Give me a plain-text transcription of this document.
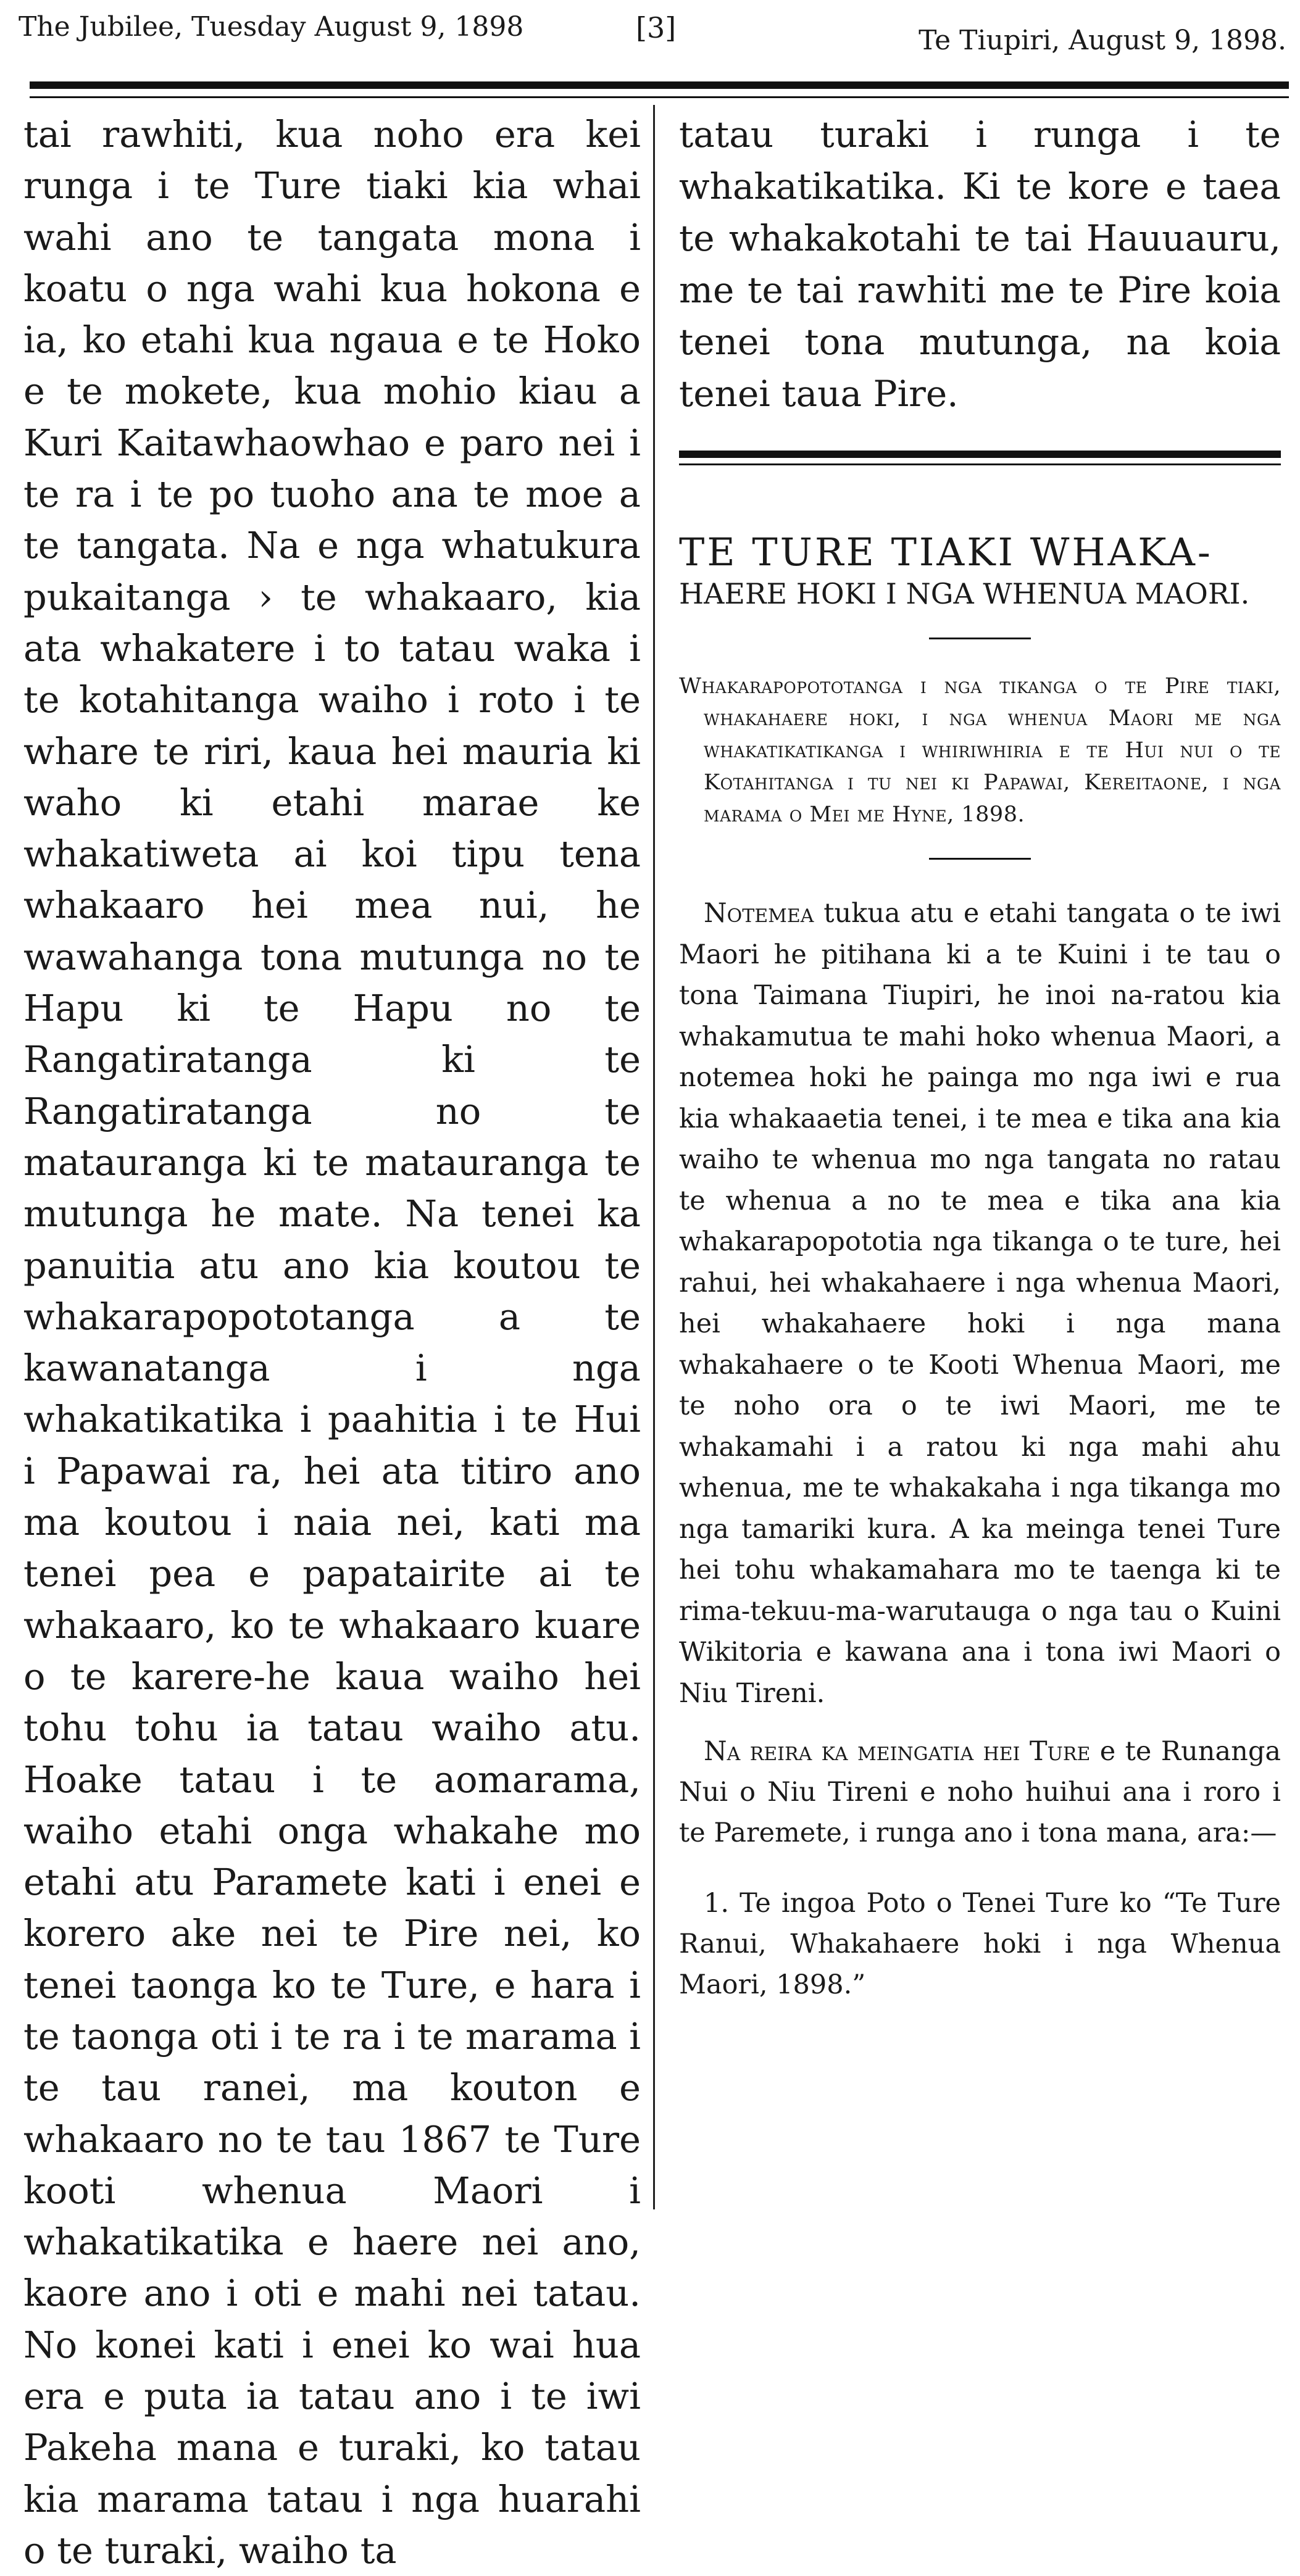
The Jubilee, Tuesday August 9, 1898	[3]	Te Tiupiri, August 9, 1898.

tai rawhiti, kua noho era kei runga i te Ture tiaki kia whai wahi ano te tangata mona i koatu o nga wahi kua hokona e ia, ko etahi kua ngaua e te Hoko e te mokete, kua mohio kiau a Kuri Kaitawhaowhao e paro nei i te ra i te po tuoho ana te moe a te tangata. Na e nga whatukura pukaitanga › te whakaaro, kia ata whakatere i to tatau waka i te kotahitanga waiho i roto i te whare te riri, kaua hei mauria ki waho ki etahi marae ke whakatiweta ai koi tipu tena whakaaro hei mea nui, he wawahanga tona mutunga no te Hapu ki te Hapu no te Rangatiratanga ki te Rangatiratanga no te matauranga ki te matauranga te mutunga he mate. Na tenei ka panuitia atu ano kia koutou te whakarapopototanga a te kawanatanga i nga whakatikatika i paahitia i te Hui i Papawai ra, hei ata titiro ano ma koutou i naia nei, kati ma tenei pea e papatairite ai te whakaaro, ko te whakaaro kuare o te karere-he kaua waiho hei tohu tohu ia tatau waiho atu. Hoake tatau i te aomarama, waiho etahi onga whakahe mo etahi atu Paramete kati i enei e korero ake nei te Pire nei, ko tenei taonga ko te Ture, e hara i te taonga oti i te ra i te marama i te tau ranei, ma kouton e whakaaro no te tau 1867 te Ture kooti whenua Maori i whakatikatika e haere nei ano, kaore ano i oti e mahi nei tatau. No konei kati i enei ko wai hua era e puta ia tatau ano i te iwi Pakeha mana e turaki, ko tatau kia marama tatau i nga huarahi o te turaki, waiho ta

tatau turaki i runga i te whakatikatika. Ki te kore e taea te whakakotahi te tai Hauuauru, me te tai rawhiti me te Pire koia tenei tona mutunga, na koia tenei taua Pire.

TE TURE TIAKI WHAKA-
HAERE HOKI I NGA WHENUA MAORI.

Whakarapopototanga i nga tikanga o te Pire tiaki, whakahaere hoki, i nga whenua Maori me nga whakatikatikanga i whiriwhiria e te Hui nui o te Kotahitanga i tu nei ki Papawai, Kereitaone, i nga marama o Mei me Hyne, 1898.

Notemea tukua atu e etahi tangata o te iwi Maori he pitihana ki a te Kuini i te tau o tona Taimana Tiupiri, he inoi na-ratou kia whakamutua te mahi hoko whenua Maori, a notemea hoki he painga mo nga iwi e rua kia whakaaetia tenei, i te mea e tika ana kia waiho te whenua mo nga tangata no ratau te whenua a no te mea e tika ana kia whakarapopototia nga tikanga o te ture, hei rahui, hei whakahaere i nga whenua Maori, hei whakahaere hoki i nga mana whakahaere o te Kooti Whenua Maori, me te noho ora o te iwi Maori, me te whakamahi i a ratou ki nga mahi ahu whenua, me te whakakaha i nga tikanga mo nga tamariki kura. A ka meinga tenei Ture hei tohu whakamahara mo te taenga ki te rima-tekuu-ma-warutauga o nga tau o Kuini Wikitoria e kawana ana i tona iwi Maori o Niu Tireni.

Na reira ka meingatia hei Ture e te Runanga Nui o Niu Tireni e noho huihui ana i roro i te Paremete, i runga ano i tona mana, ara:—

1. Te ingoa Poto o Tenei Ture ko “Te Ture Ranui, Whakahaere hoki i nga Whenua Maori, 1898.”
